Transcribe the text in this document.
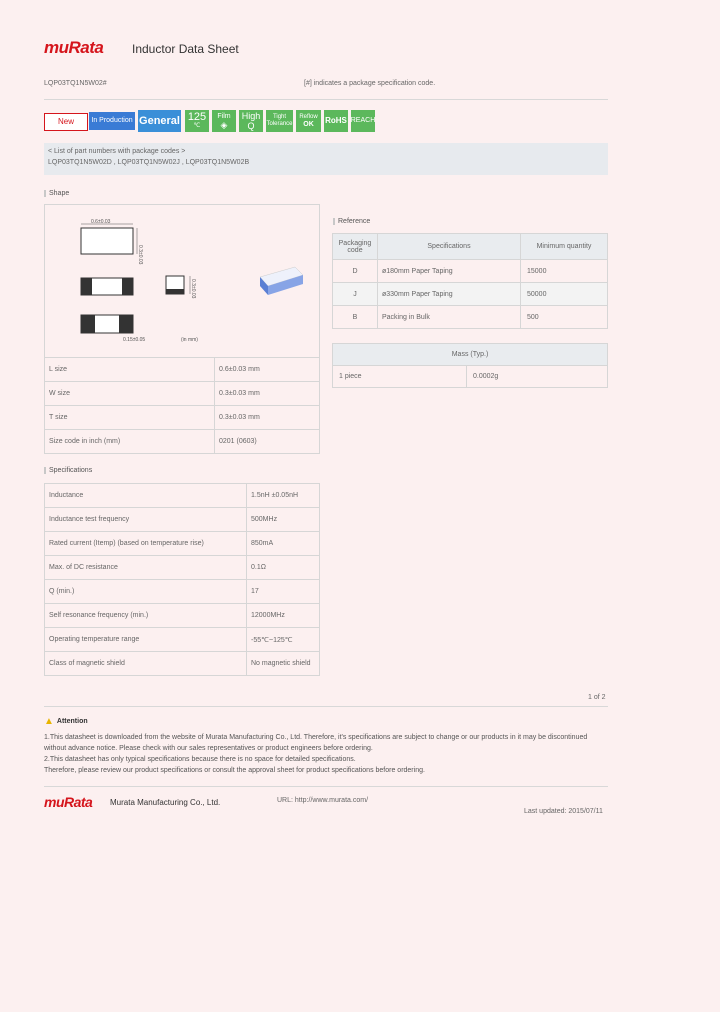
muRata Inductor Data Sheet
LQP03TQ1N5W02#	[#] indicates a package specification code.
New	In Production General 125
℃
Film
◈
High
Q
Tight
Tolerance
Reflow
OK RoHS REACH
< List of part numbers with package codes >
LQP03TQ1N5W02D , LQP03TQ1N5W02J , LQP03TQ1N5W02B
Shape
0.6±0.03
0.3±0.03
0.3±0.03
0.15±0.05	(in mm)
L size	0.6±0.03 mm
W size	0.3±0.03 mm
T size	0.3±0.03 mm
Size code in inch (mm)	0201 (0603)
Reference
Packaging code	Specifications	Minimum quantity
D	ø180mm Paper Taping	15000
J	ø330mm Paper Taping	50000
B	Packing in Bulk	500
Mass (Typ.)
1 piece	0.0002g
Specifications
Inductance	1.5nH ±0.05nH
Inductance test frequency	500MHz
Rated current (Itemp) (based on temperature rise)	850mA
Max. of DC resistance	0.1Ω
Q (min.)	17
Self resonance frequency (min.)	12000MHz
Operating temperature range	-55℃~125℃
Class of magnetic shield	No magnetic shield
1 of 2
▲ Attention
1.This datasheet is downloaded from the website of Murata Manufacturing Co., Ltd. Therefore, it's specifications are subject to change or our products in it may be discontinued
without advance notice. Please check with our sales representatives or product engineers before ordering.
2.This datasheet has only typical specifications because there is no space for detailed specifications.
Therefore, please review our product specifications or consult the approval sheet for product specifications before ordering.
muRata Murata Manufacturing Co., Ltd.	URL: http://www.murata.com/
Last updated: 2015/07/11
